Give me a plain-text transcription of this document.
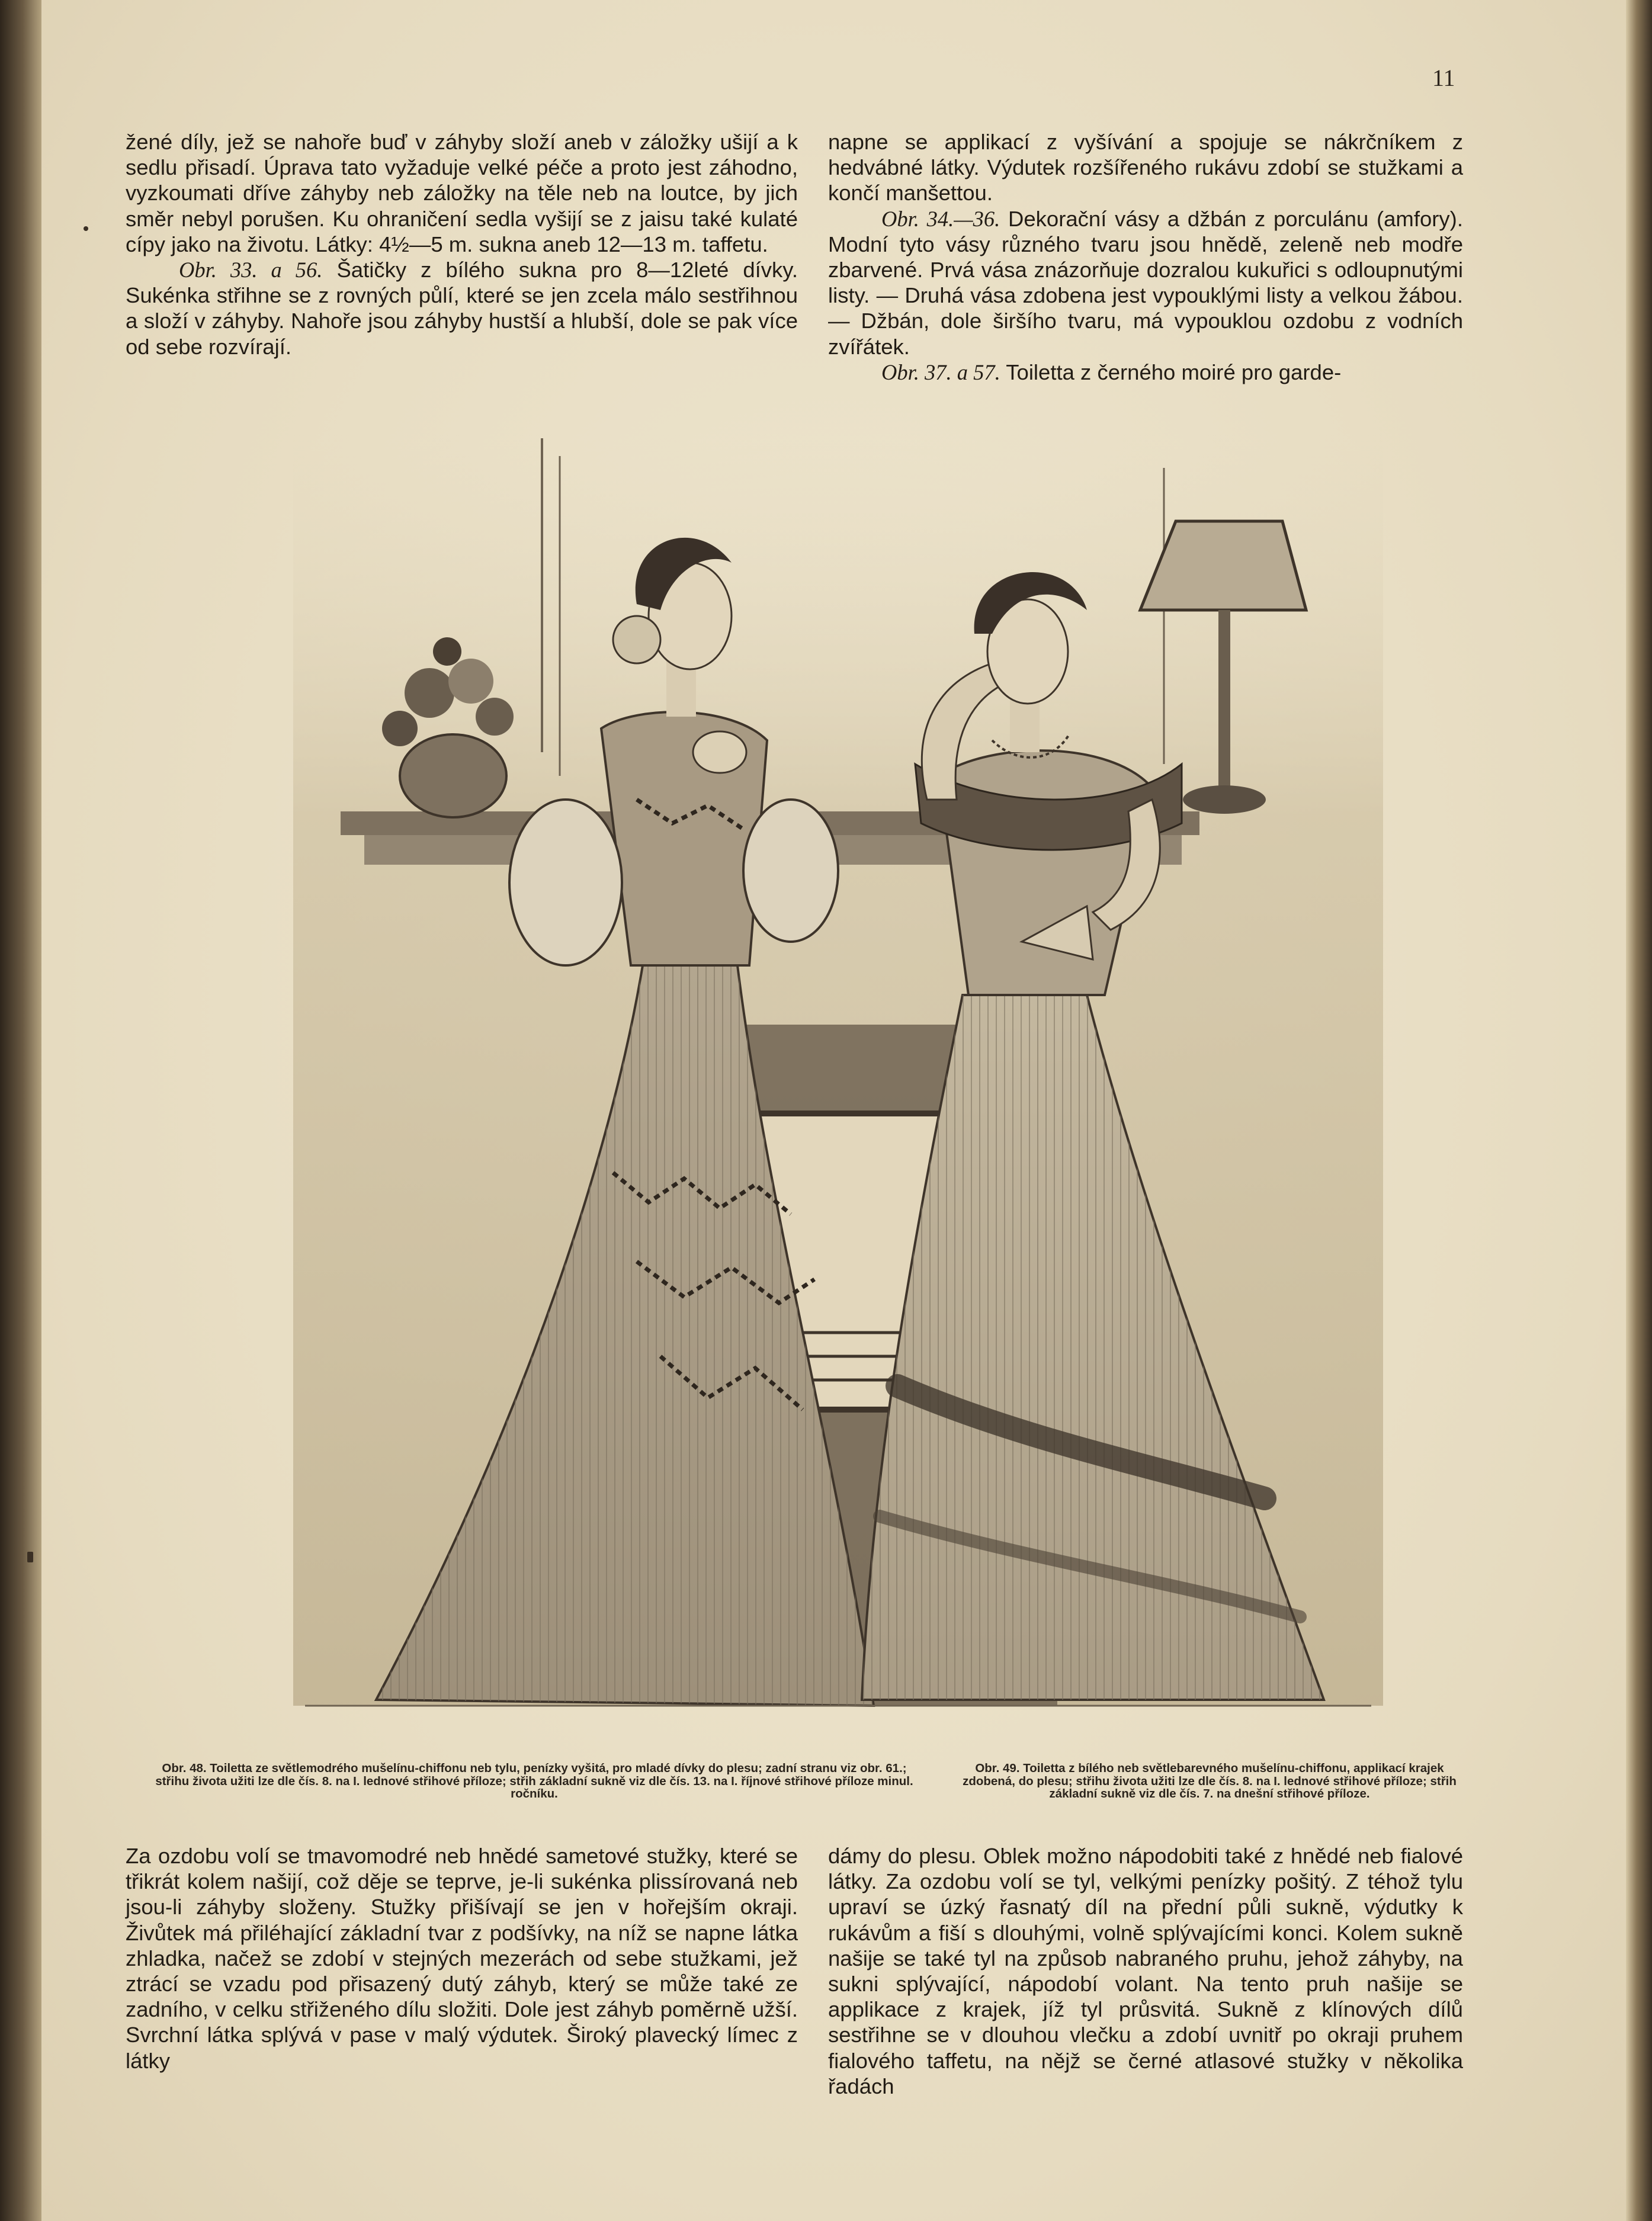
11

žené díly, jež se nahoře buď v záhyby složí aneb v záložky ušijí a k sedlu přisadí. Úprava tato vyžaduje velké péče a proto jest záhodno, vyzkoumati dříve záhyby neb záložky na těle neb na loutce, by jich směr nebyl porušen. Ku ohraničení sedla vyšijí se z jaisu také kulaté cípy jako na životu. Látky: 4½—5 m. sukna aneb 12—13 m. taffetu.

Obr. 33. a 56. Šatičky z bílého sukna pro 8—12leté dívky. Sukénka střihne se z rovných půlí, které se jen zcela málo sestřihnou a složí v záhyby. Nahoře jsou záhyby hustší a hlubší, dole se pak více od sebe rozvírají.

napne se applikací z vyšívání a spojuje se nákrčníkem z hedvábné látky. Výdutek rozšířeného rukávu zdobí se stužkami a končí manšettou.

Obr. 34.—36. Dekorační vásy a džbán z porculánu (amfory). Modní tyto vásy různého tvaru jsou hnědě, zeleně neb modře zbarvené. Prvá vása znázorňuje dozralou kukuřici s odloupnutými listy. — Druhá vása zdobena jest vypouklými listy a velkou žábou. — Džbán, dole širšího tvaru, má vypouklou ozdobu z vodních zvířátek.

Obr. 37. a 57. Toiletta z černého moiré pro garde-

Obr. 48. Toiletta ze světlemodrého mušelínu-chiffonu neb tylu, penízky vyšitá, pro mladé dívky do plesu; zadní stranu viz obr. 61.; střihu života užiti lze dle čís. 8. na I. lednové střihové příloze; střih základní sukně viz dle čís. 13. na I. říjnové střihové příloze minul. ročníku.
Obr. 49. Toiletta z bílého neb světlebarevného mušelínu-chiffonu, applikací krajek zdobená, do plesu; střihu života užiti lze dle čís. 8. na I. lednové střihové příloze; střih základní sukně viz dle čís. 7. na dnešní střihové příloze.

Za ozdobu volí se tmavomodré neb hnědé sametové stužky, které se třikrát kolem našijí, což děje se teprve, je-li sukénka plissírovaná neb jsou-li záhyby složeny. Stužky přišívají se jen v hořejším okraji. Živůtek má přiléhající základní tvar z podšívky, na níž se napne látka zhladka, načež se zdobí v stejných mezerách od sebe stužkami, jež ztrácí se vzadu pod přisazený dutý záhyb, který se může také ze zadního, v celku střiženého dílu složiti. Dole jest záhyb poměrně užší. Svrchní látka splývá v pase v malý výdutek. Široký plavecký límec z látky

dámy do plesu. Oblek možno nápodobiti také z hnědé neb fialové látky. Za ozdobu volí se tyl, velkými penízky pošitý. Z téhož tylu upraví se úzký řasnatý díl na přední půli sukně, výdutky k rukávům a fiší s dlouhými, volně splývajícími konci. Kolem sukně našije se také tyl na způsob nabraného pruhu, jehož záhyby, na sukni splývající, nápodobí volant. Na tento pruh našije se applikace z krajek, jíž tyl průsvitá. Sukně z klínových dílů sestřihne se v dlouhou vlečku a zdobí uvnitř po okraji pruhem fialového taffetu, na nějž se černé atlasové stužky v několika řadách
